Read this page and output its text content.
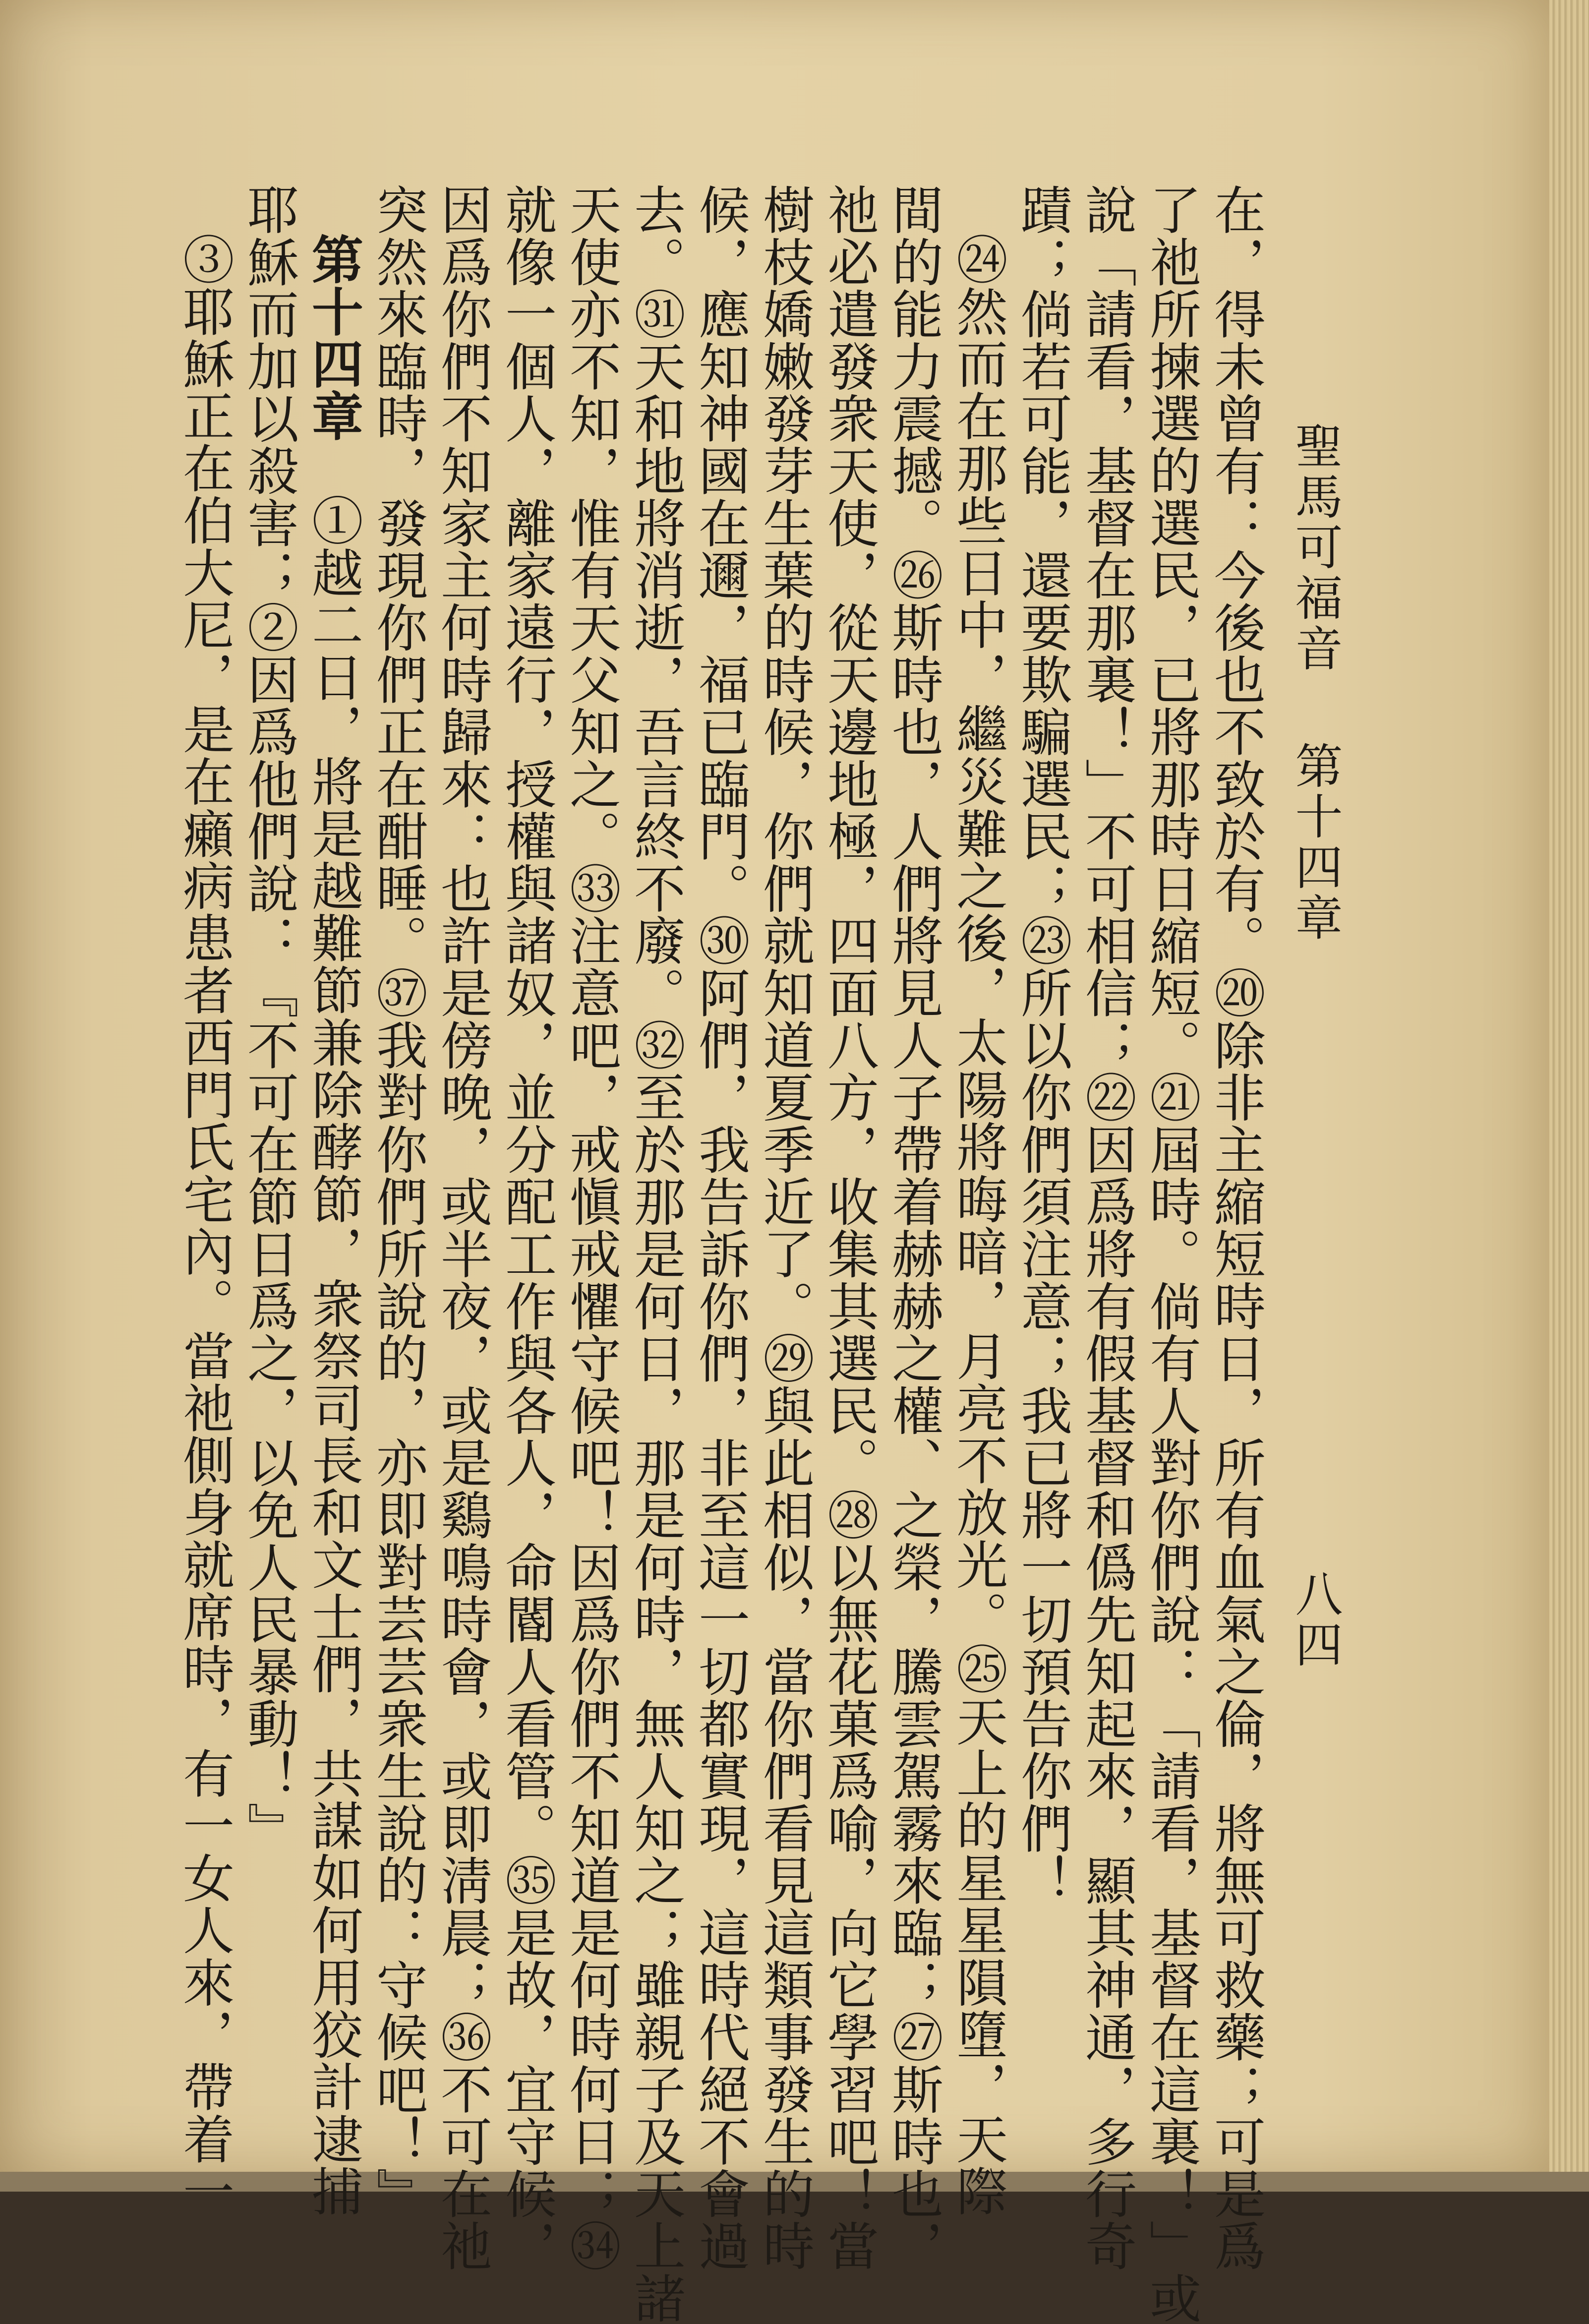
聖馬可福音
第十四章
八四
在，得未曾有：今後也不致於有。⑳除非主縮短時日，所有血氣之倫，將無可救藥；可是爲
了祂所揀選的選民，已將那時日縮短。㉑屆時。倘有人對你們說：「請看，基督在這裏！」或
說「請看，基督在那裏！」不可相信；㉒因爲將有假基督和僞先知起來，顯其神通，多行奇
蹟；倘若可能，還要欺騙選民；㉓所以你們須注意；我已將一切預告你們！
㉔然而在那些日中，繼災難之後，太陽將晦暗，月亮不放光。㉕天上的星星隕墮，天際
間的能力震撼。㉖斯時也，人們將見人子帶着赫赫之權、之榮，騰雲駕霧來臨；㉗斯時也，
祂必遣發衆天使，從天邊地極，四面八方，收集其選民。㉘以無花菓爲喻，向它學習吧！當
樹枝嬌嫩發芽生葉的時候，你們就知道夏季近了。㉙與此相似，當你們看見這類事發生的時
候，應知神國在邇，福已臨門。㉚阿們，我告訴你們，非至這一切都實現，這時代絕不會過
去。㉛天和地將消逝，吾言終不廢。㉜至於那是何日，那是何時，無人知之；雖親子及天上諸
天使亦不知，惟有天父知之。㉝注意吧，戒愼戒懼守候吧！因爲你們不知道是何時何日；㉞
就像一個人，離家遠行，授權與諸奴，並分配工作與各人，命閽人看管。㉟是故，宜守候，
因爲你們不知家主何時歸來：也許是傍晚，或半夜，或是鷄鳴時會，或即淸晨；㊱不可在祂
突然來臨時，發現你們正在酣睡。㊲我對你們所說的，亦即對芸芸衆生說的：守候吧！』
第十四章　①越二日，將是越難節兼除酵節，衆祭司長和文士們，共謀如何用狡計逮捕
耶穌而加以殺害；②因爲他們說：『不可在節日爲之，以免人民暴動！』
③耶穌正在伯大尼，是在癩病患者西門氏宅內。當祂側身就席時，有一女人來，帶着一
